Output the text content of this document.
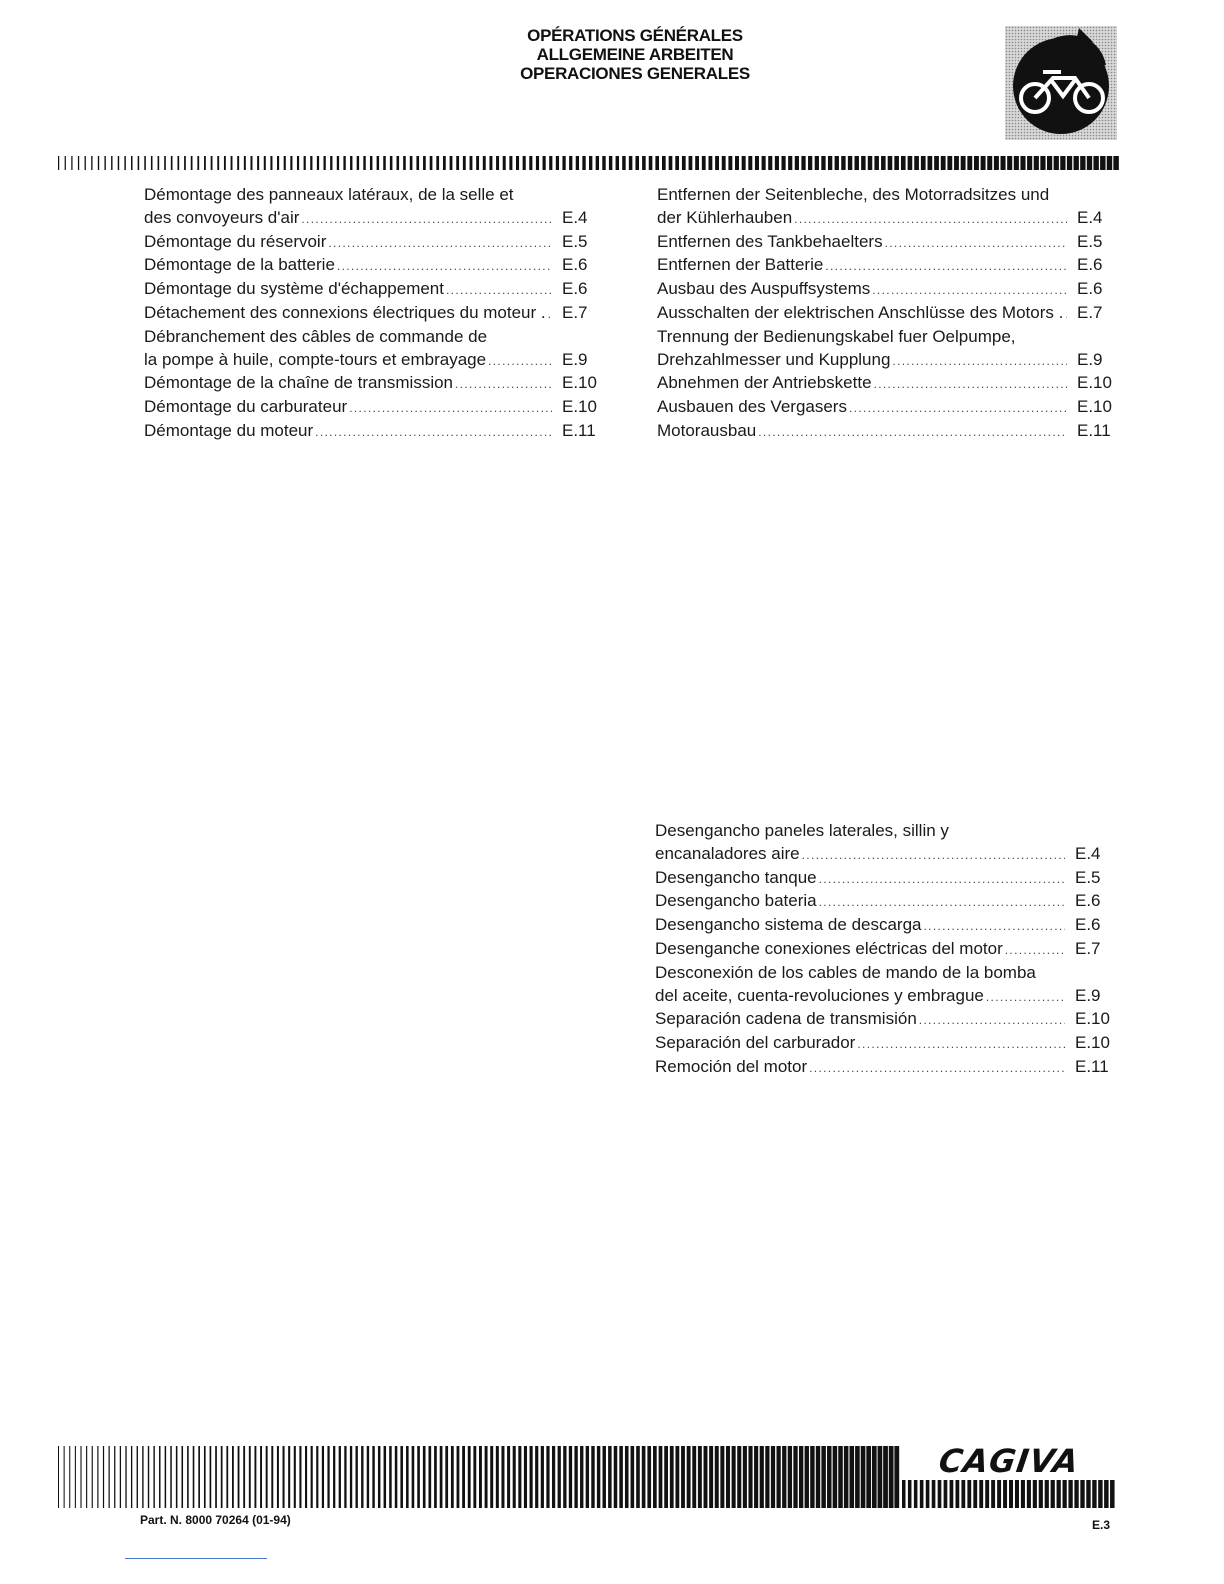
OPÉRATIONS GÉNÉRALES
ALLGEMEINE ARBEITEN
OPERACIONES GENERALES
Démontage des panneaux latéraux, de la selle et
des convoyeurs d'air . . .	E.4
Démontage du réservoir . . .	E.5
Démontage de la batterie . . .	E.6
Démontage du système d'échappement . . .	E.6
Détachement des connexions électriques du moteur . . . . E.7
Débranchement des câbles de commande de
la pompe à huile, compte-tours et embrayage . . .	E.9
Démontage de la chaîne de transmission . . .	E.10
Démontage du carburateur . . .	E.10
Démontage du moteur . . .	E.11
Entfernen der Seitenbleche, des Motorradsitzes und
der Kühlerhauben . . .	E.4
Entfernen des Tankbehaelters . . .	E.5
Entfernen der Batterie . . .	E.6
Ausbau des Auspuffsystems . . .	E.6
Ausschalten der elektrischen Anschlüsse des Motors . . . . E.7
Trennung der Bedienungskabel fuer Oelpumpe,
Drehzahlmesser und Kupplung . . .	E.9
Abnehmen der Antriebskette . . .	E.10
Ausbauen des Vergasers . . .	E.10
Motorausbau . . .	E.11
Desengancho paneles laterales, sillin y
encanaladores aire . . .	E.4
Desengancho tanque . . .	E.5
Desengancho bateria . . .	E.6
Desengancho sistema de descarga . . .	E.6
Desenganche conexiones eléctricas del motor . . .	E.7
Desconexión de los cables de mando de la bomba
del aceite, cuenta-revoluciones y embrague . . .	E.9
Separación cadena de transmisión . . .	E.10
Separación del carburador . . .	E.10
Remoción del motor . . .	E.11
CAGIVA
Part. N. 8000 70264 (01-94)	E.3
